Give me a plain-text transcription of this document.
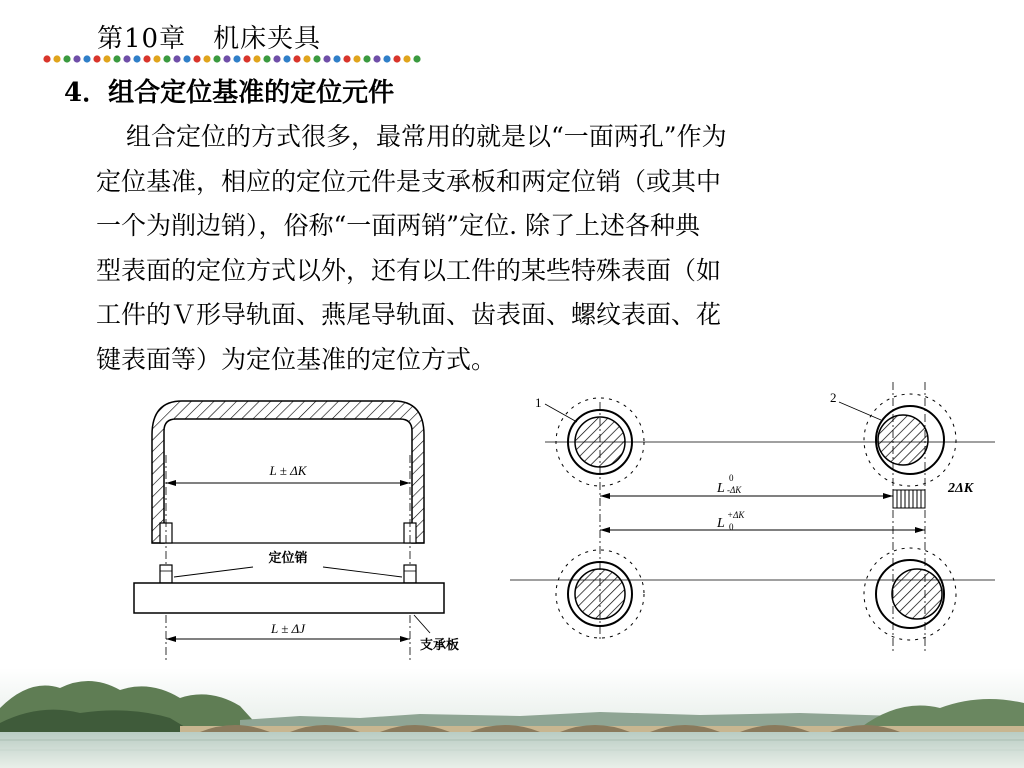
第10章　机床夹具
4．组合定位基准的定位元件
组合定位的方式很多，最常用的就是以“一面两孔”作为
定位基准，相应的定位元件是支承板和两定位销（或其中
一个为削边销），俗称“一面两销”定位. 除了上述各种典
型表面的定位方式以外，还有以工件的某些特殊表面（如
工件的Ｖ形导轨面、燕尾导轨面、齿表面、螺纹表面、花
键表面等）为定位基准的定位方式。
L ± ΔK
定位销
L ± ΔJ
支承板
1	2
L
0
-ΔK
L
+ΔK
0
2ΔK
